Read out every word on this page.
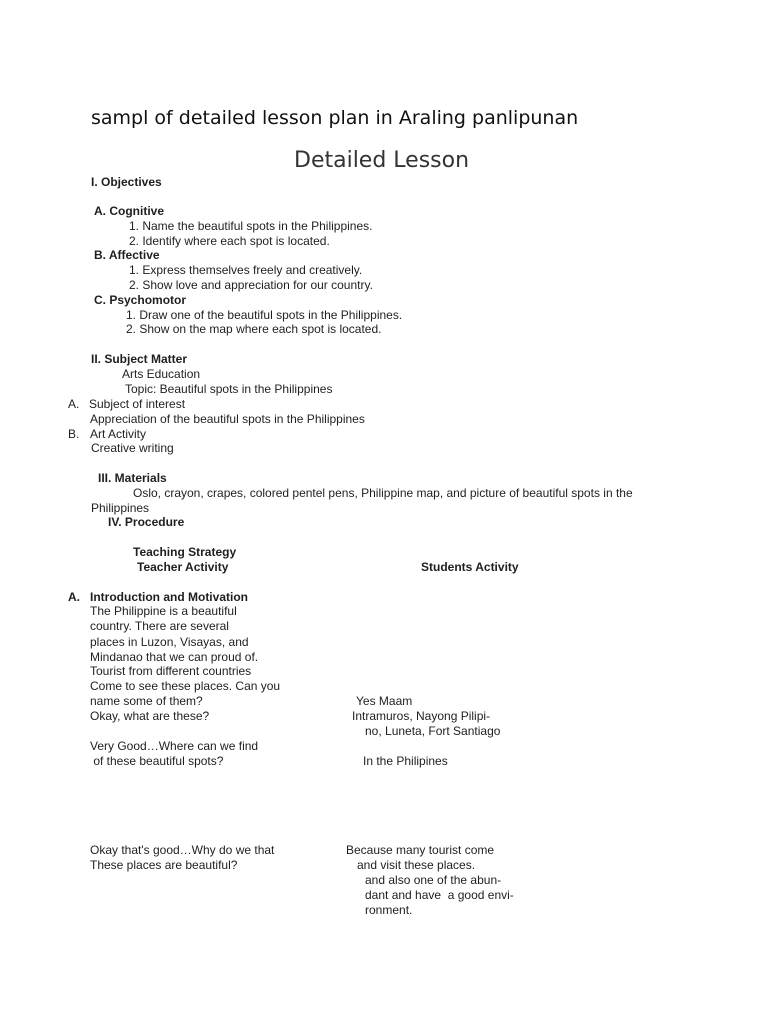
sampl of detailed lesson plan in Araling panlipunan
Detailed Lesson
I. Objectives
A. Cognitive
1. Name the beautiful spots in the Philippines.
2. Identify where each spot is located.
B. Affective
1. Express themselves freely and creatively.
2. Show love and appreciation for our country.
C. Psychomotor
1. Draw one of the beautiful spots in the Philippines.
2. Show on the map where each spot is located.
II. Subject Matter
Arts Education
Topic: Beautiful spots in the Philippines
A. Subject of interest
Appreciation of the beautiful spots in the Philippines
B. Art Activity
Creative writing
III. Materials
Oslo, crayon, crapes, colored pentel pens, Philippine map, and picture of beautiful spots in the
Philippines
IV. Procedure
Teaching Strategy
Teacher Activity	Students Activity
A. Introduction and Motivation
The Philippine is a beautiful
country. There are several
places in Luzon, Visayas, and
Mindanao that we can proud of.
Tourist from different countries
Come to see these places. Can you
name some of them?
Okay, what are these?
Very Good…Where can we find
of these beautiful spots?
Okay that's good…Why do we that
These places are beautiful?
Yes Maam
Intramuros, Nayong Pilipi-
no, Luneta, Fort Santiago
In the Philipines
Because many tourist come
and visit these places.
and also one of the abun-
dant and have  a good envi-
ronment.
